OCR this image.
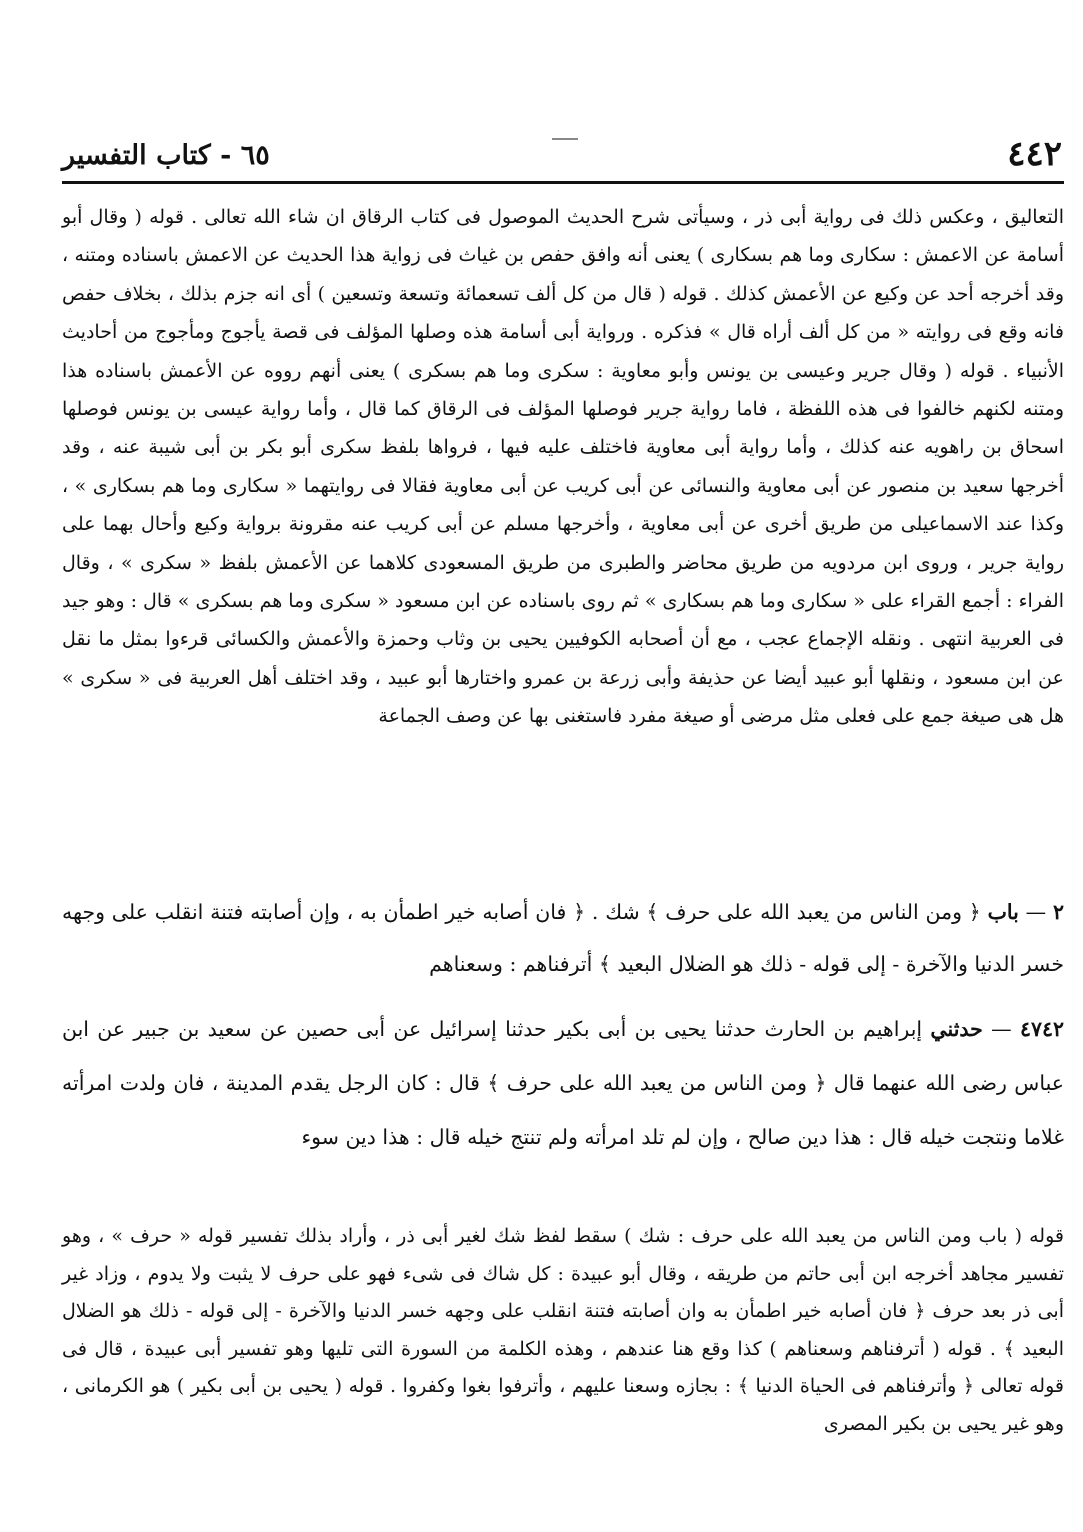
٤٤٢
٦٥ - كتاب التفسير

التعاليق ، وعكس ذلك فى رواية أبى ذر ، وسيأتى شرح الحديث الموصول فى كتاب الرقاق ان شاء الله تعالى . قوله ( وقال أبو أسامة عن الاعمش : سكارى وما هم بسكارى ) يعنى أنه وافق حفص بن غياث فى زواية هذا الحديث عن الاعمش باسناده ومتنه ، وقد أخرجه أحد عن وكيع عن الأعمش كذلك . قوله ( قال من كل ألف تسعمائة وتسعة وتسعين ) أى انه جزم بذلك ، بخلاف حفص فانه وقع فى روايته « من كل ألف أراه قال » فذكره . ورواية أبى أسامة هذه وصلها المؤلف فى قصة يأجوج ومأجوج من أحاديث الأنبياء . قوله ( وقال جرير وعيسى بن يونس وأبو معاوية : سكرى وما هم بسكرى ) يعنى أنهم رووه عن الأعمش باسناده هذا ومتنه لكنهم خالفوا فى هذه اللفظة ، فاما رواية جرير فوصلها المؤلف فى الرقاق كما قال ، وأما رواية عيسى بن يونس فوصلها اسحاق بن راهويه عنه كذلك ، وأما رواية أبى معاوية فاختلف عليه فيها ، فرواها بلفظ سكرى أبو بكر بن أبى شيبة عنه ، وقد أخرجها سعيد بن منصور عن أبى معاوية والنسائى عن أبى كريب عن أبى معاوية فقالا فى روايتهما « سكارى وما هم بسكارى » ، وكذا عند الاسماعيلى من طريق أخرى عن أبى معاوية ، وأخرجها مسلم عن أبى كريب عنه مقرونة برواية وكيع وأحال بهما على رواية جرير ، وروى ابن مردويه من طريق محاضر والطبرى من طريق المسعودى كلاهما عن الأعمش بلفظ « سكرى » ، وقال الفراء : أجمع القراء على « سكارى وما هم بسكارى » ثم روى باسناده عن ابن مسعود « سكرى وما هم بسكرى » قال : وهو جيد فى العربية انتهى . ونقله الإجماع عجب ، مع أن أصحابه الكوفيين يحيى بن وثاب وحمزة والأعمش والكسائى قرءوا بمثل ما نقل عن ابن مسعود ، ونقلها أبو عبيد أيضا عن حذيفة وأبى زرعة بن عمرو واختارها أبو عبيد ، وقد اختلف أهل العربية فى « سكرى » هل هى صيغة جمع على فعلى مثل مرضى أو صيغة مفرد فاستغنى بها عن وصف الجماعة

٢ — باب ﴿ ومن الناس من يعبد الله على حرف ﴾ شك . ﴿ فان أصابه خير اطمأن به ، وإن أصابته فتنة انقلب على وجهه خسر الدنيا والآخرة - إلى قوله - ذلك هو الضلال البعيد ﴾ أترفناهم : وسعناهم

٤٧٤٢ — حدثني إبراهيم بن الحارث حدثنا يحيى بن أبى بكير حدثنا إسرائيل عن أبى حصين عن سعيد بن جبير عن ابن عباس رضى الله عنهما قال ﴿ ومن الناس من يعبد الله على حرف ﴾ قال : كان الرجل يقدم المدينة ، فان ولدت امرأته غلاما ونتجت خيله قال : هذا دين صالح ، وإن لم تلد امرأته ولم تنتج خيله قال : هذا دين سوء

قوله ( باب ومن الناس من يعبد الله على حرف : شك ) سقط لفظ شك لغير أبى ذر ، وأراد بذلك تفسير قوله « حرف » ، وهو تفسير مجاهد أخرجه ابن أبى حاتم من طريقه ، وقال أبو عبيدة : كل شاك فى شىء فهو على حرف لا يثبت ولا يدوم ، وزاد غير أبى ذر بعد حرف ﴿ فان أصابه خير اطمأن به وان أصابته فتنة انقلب على وجهه خسر الدنيا والآخرة - إلى قوله - ذلك هو الضلال البعيد ﴾ . قوله ( أترفناهم وسعناهم ) كذا وقع هنا عندهم ، وهذه الكلمة من السورة التى تليها وهو تفسير أبى عبيدة ، قال فى قوله تعالى ﴿ وأترفناهم فى الحياة الدنيا ﴾ : بجازه وسعنا عليهم ، وأترفوا بغوا وكفروا . قوله ( يحيى بن أبى بكير ) هو الكرمانى ، وهو غير يحيى بن بكير المصرى
